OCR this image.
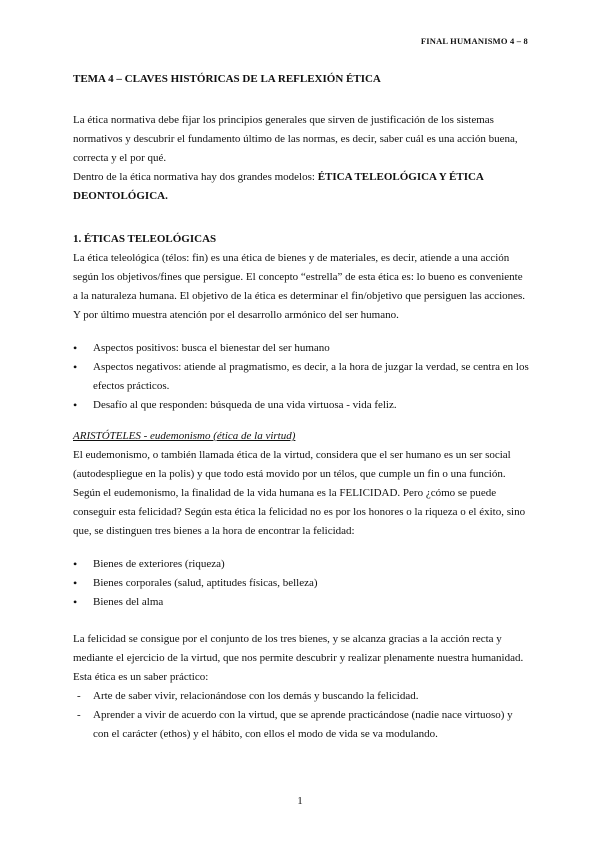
FINAL HUMANISMO 4 – 8

TEMA 4 – CLAVES HISTÓRICAS DE LA REFLEXIÓN ÉTICA

La ética normativa debe fijar los principios generales que sirven de justificación de los sistemas normativos y descubrir el fundamento último de las normas, es decir, saber cuál es una acción buena, correcta y el por qué.

Dentro de la ética normativa hay dos grandes modelos: ÉTICA TELEOLÓGICA Y ÉTICA DEONTOLÓGICA.

1. ÉTICAS TELEOLÓGICAS

La ética teleológica (télos: fin) es una ética de bienes y de materiales, es decir, atiende a una acción según los objetivos/fines que persigue. El concepto “estrella” de esta ética es: lo bueno es conveniente a la naturaleza humana. El objetivo de la ética es determinar el fin/objetivo que persiguen las acciones. Y por último muestra atención por el desarrollo armónico del ser humano.

• Aspectos positivos: busca el bienestar del ser humano
• Aspectos negativos: atiende al pragmatismo, es decir, a la hora de juzgar la verdad, se centra en los efectos prácticos.
• Desafío al que responden: búsqueda de una vida virtuosa - vida feliz.

ARISTÓTELES - eudemonismo (ética de la virtud)

El eudemonismo, o también llamada ética de la virtud, considera que el ser humano es un ser social (autodespliegue en la polis) y que todo está movido por un télos, que cumple un fin o una función. Según el eudemonismo, la finalidad de la vida humana es la FELICIDAD. Pero ¿cómo se puede conseguir esta felicidad? Según esta ética la felicidad no es por los honores o la riqueza o el éxito, sino que, se distinguen tres bienes a la hora de encontrar la felicidad:

• Bienes de exteriores (riqueza)
• Bienes corporales (salud, aptitudes físicas, belleza)
• Bienes del alma

La felicidad se consigue por el conjunto de los tres bienes, y se alcanza gracias a la acción recta y mediante el ejercicio de la virtud, que nos permite descubrir y realizar plenamente nuestra humanidad. Esta ética es un saber práctico:

- Arte de saber vivir, relacionándose con los demás y buscando la felicidad.
- Aprender a vivir de acuerdo con la virtud, que se aprende practicándose (nadie nace virtuoso) y con el carácter (ethos) y el hábito, con ellos el modo de vida se va modulando.
1
